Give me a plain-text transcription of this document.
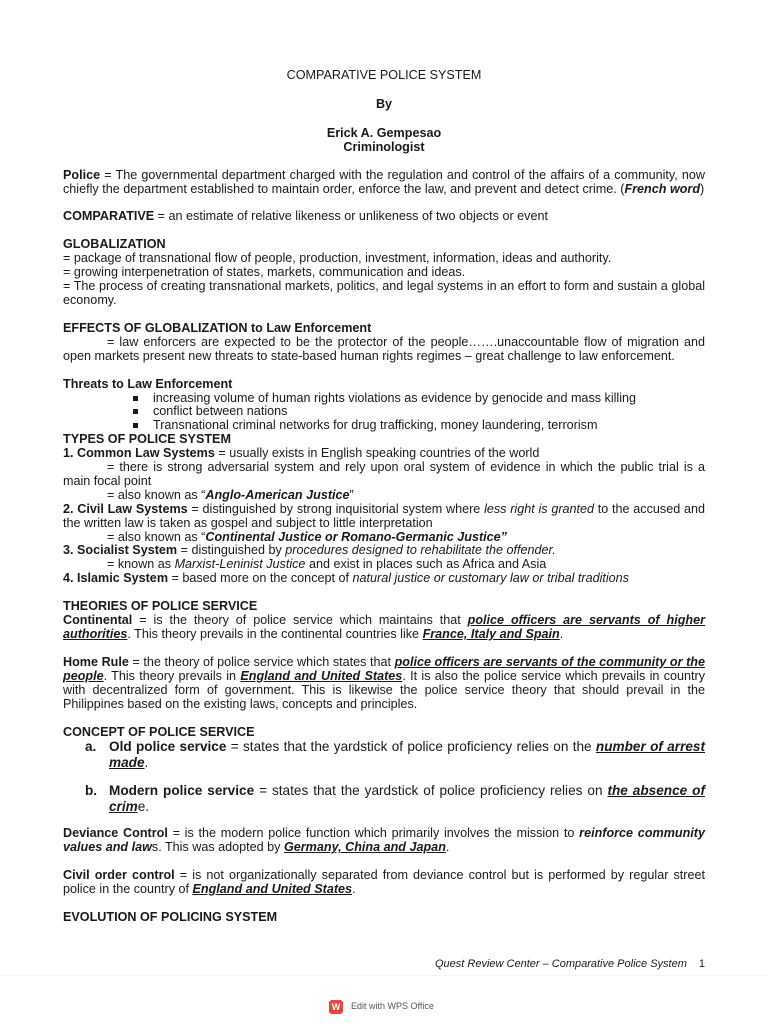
COMPARATIVE POLICE SYSTEM
By
Erick A. Gempesao
Criminologist
Police = The governmental department charged with the regulation and control of the affairs of a community, now chiefly the department established to maintain order, enforce the law, and prevent and detect crime. (French word)
COMPARATIVE = an estimate of relative likeness or unlikeness of two objects or event
GLOBALIZATION
= package of transnational flow of people, production, investment, information, ideas and authority.
= growing interpenetration of states, markets, communication and ideas.
= The process of creating transnational markets, politics, and legal systems in an effort to form and sustain a global economy.
EFFECTS OF GLOBALIZATION to Law Enforcement
= law enforcers are expected to be the protector of the people…….unaccountable flow of migration and open markets present new threats to state-based human rights regimes – great challenge to law enforcement.
Threats to Law Enforcement
increasing volume of human rights violations as evidence by genocide and mass killing
conflict between nations
Transnational criminal networks for drug trafficking, money laundering, terrorism
TYPES OF POLICE SYSTEM
1. Common Law Systems = usually exists in English speaking countries of the world
= there is strong adversarial system and rely upon oral system of evidence in which the public trial is a main focal point
= also known as “Anglo-American Justice”
2. Civil Law Systems = distinguished by strong inquisitorial system where less right is granted to the accused and the written law is taken as gospel and subject to little interpretation
= also known as “Continental Justice or Romano-Germanic Justice”
3. Socialist System = distinguished by procedures designed to rehabilitate the offender.
= known as Marxist-Leninist Justice and exist in places such as Africa and Asia
4. Islamic System = based more on the concept of natural justice or customary law or tribal traditions
THEORIES OF POLICE SERVICE
Continental = is the theory of police service which maintains that police officers are servants of higher authorities. This theory prevails in the continental countries like France, Italy and Spain.
Home Rule = the theory of police service which states that police officers are servants of the community or the people. This theory prevails in England and United States. It is also the police service which prevails in country with decentralized form of government. This is likewise the police service theory that should prevail in the Philippines based on the existing laws, concepts and principles.
CONCEPT OF POLICE SERVICE
a. Old police service = states that the yardstick of police proficiency relies on the number of arrest made.
b. Modern police service = states that the yardstick of police proficiency relies on the absence of crime.
Deviance Control = is the modern police function which primarily involves the mission to reinforce community values and laws. This was adopted by Germany, China and Japan.
Civil order control = is not organizationally separated from deviance control but is performed by regular street police in the country of England and United States.
EVOLUTION OF POLICING SYSTEM
Quest Review Center – Comparative Police System 1
W	Edit with WPS Office
